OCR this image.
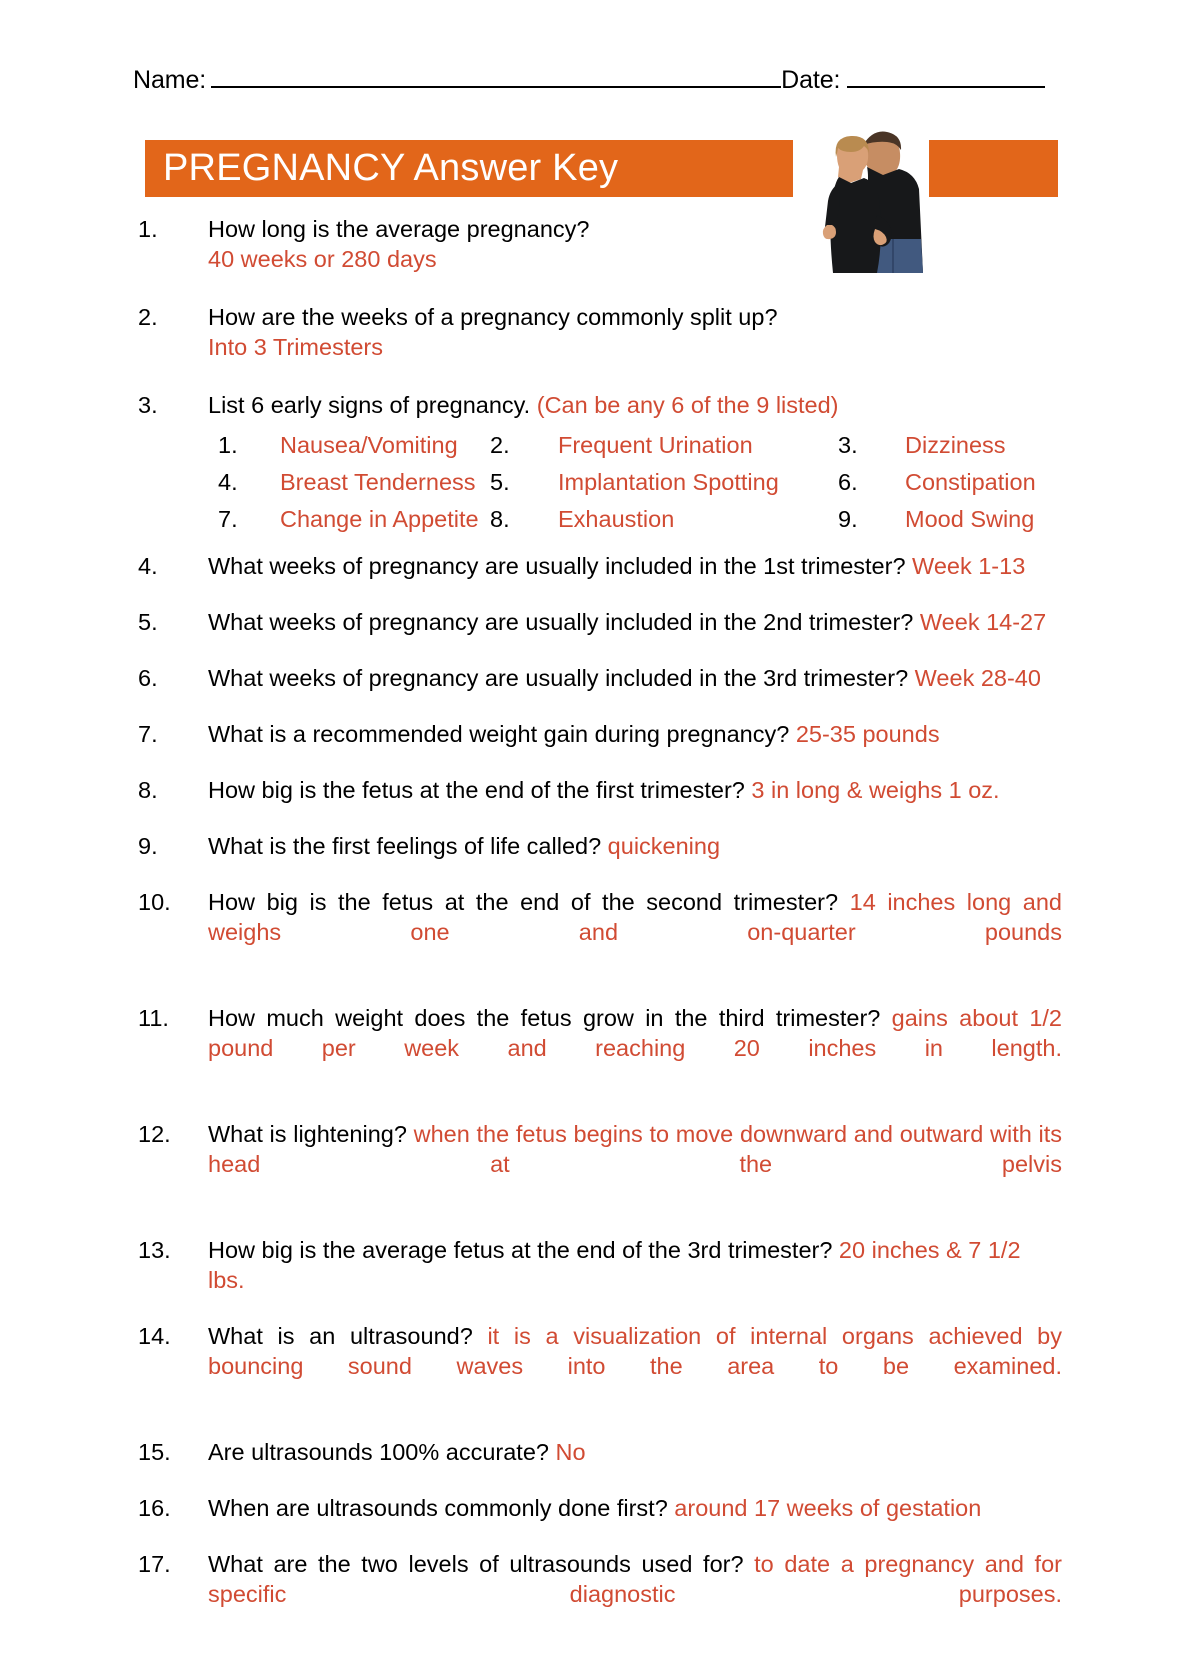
Name:	Date:
PREGNANCY Answer Key
1.	How long is the average pregnancy?
40 weeks or 280 days
2.	How are the weeks of a pregnancy commonly split up?
Into 3 Trimesters
3.	List 6 early signs of pregnancy. (Can be any 6 of the 9 listed)
1. Nausea/Vomiting 2. Frequent Urination	3. Dizziness
4. Breast Tenderness 5. Implantation Spotting	6. Constipation
7. Change in Appetite 8. Exhaustion	9. Mood Swing
4.	What weeks of pregnancy are usually included in the 1st trimester? Week 1-13
5.	What weeks of pregnancy are usually included in the 2nd trimester? Week 14-27
6.	What weeks of pregnancy are usually included in the 3rd trimester? Week 28-40
7.	What is a recommended weight gain during pregnancy? 25-35 pounds
8.	How big is the fetus at the end of the first trimester? 3 in long & weighs 1 oz.
9.	What is the first feelings of life called? quickening
10.	How big is the fetus at the end of the second trimester? 14 inches long and weighs one and on-quarter pounds
11.	How much weight does the fetus grow in the third trimester? gains about 1/2 pound per week and reaching 20 inches in length.
12.	What is lightening? when the fetus begins to move downward and outward with its head at the pelvis
13.	How big is the average fetus at the end of the 3rd trimester? 20 inches & 7 1/2 lbs.
14.	What is an ultrasound? it is a visualization of internal organs achieved by bouncing sound waves into the area to be examined.
15.	Are ultrasounds 100% accurate? No
16.	When are ultrasounds commonly done first? around 17 weeks of gestation
17.	What are the two levels of ultrasounds used for? to date a pregnancy and for specific diagnostic purposes.
